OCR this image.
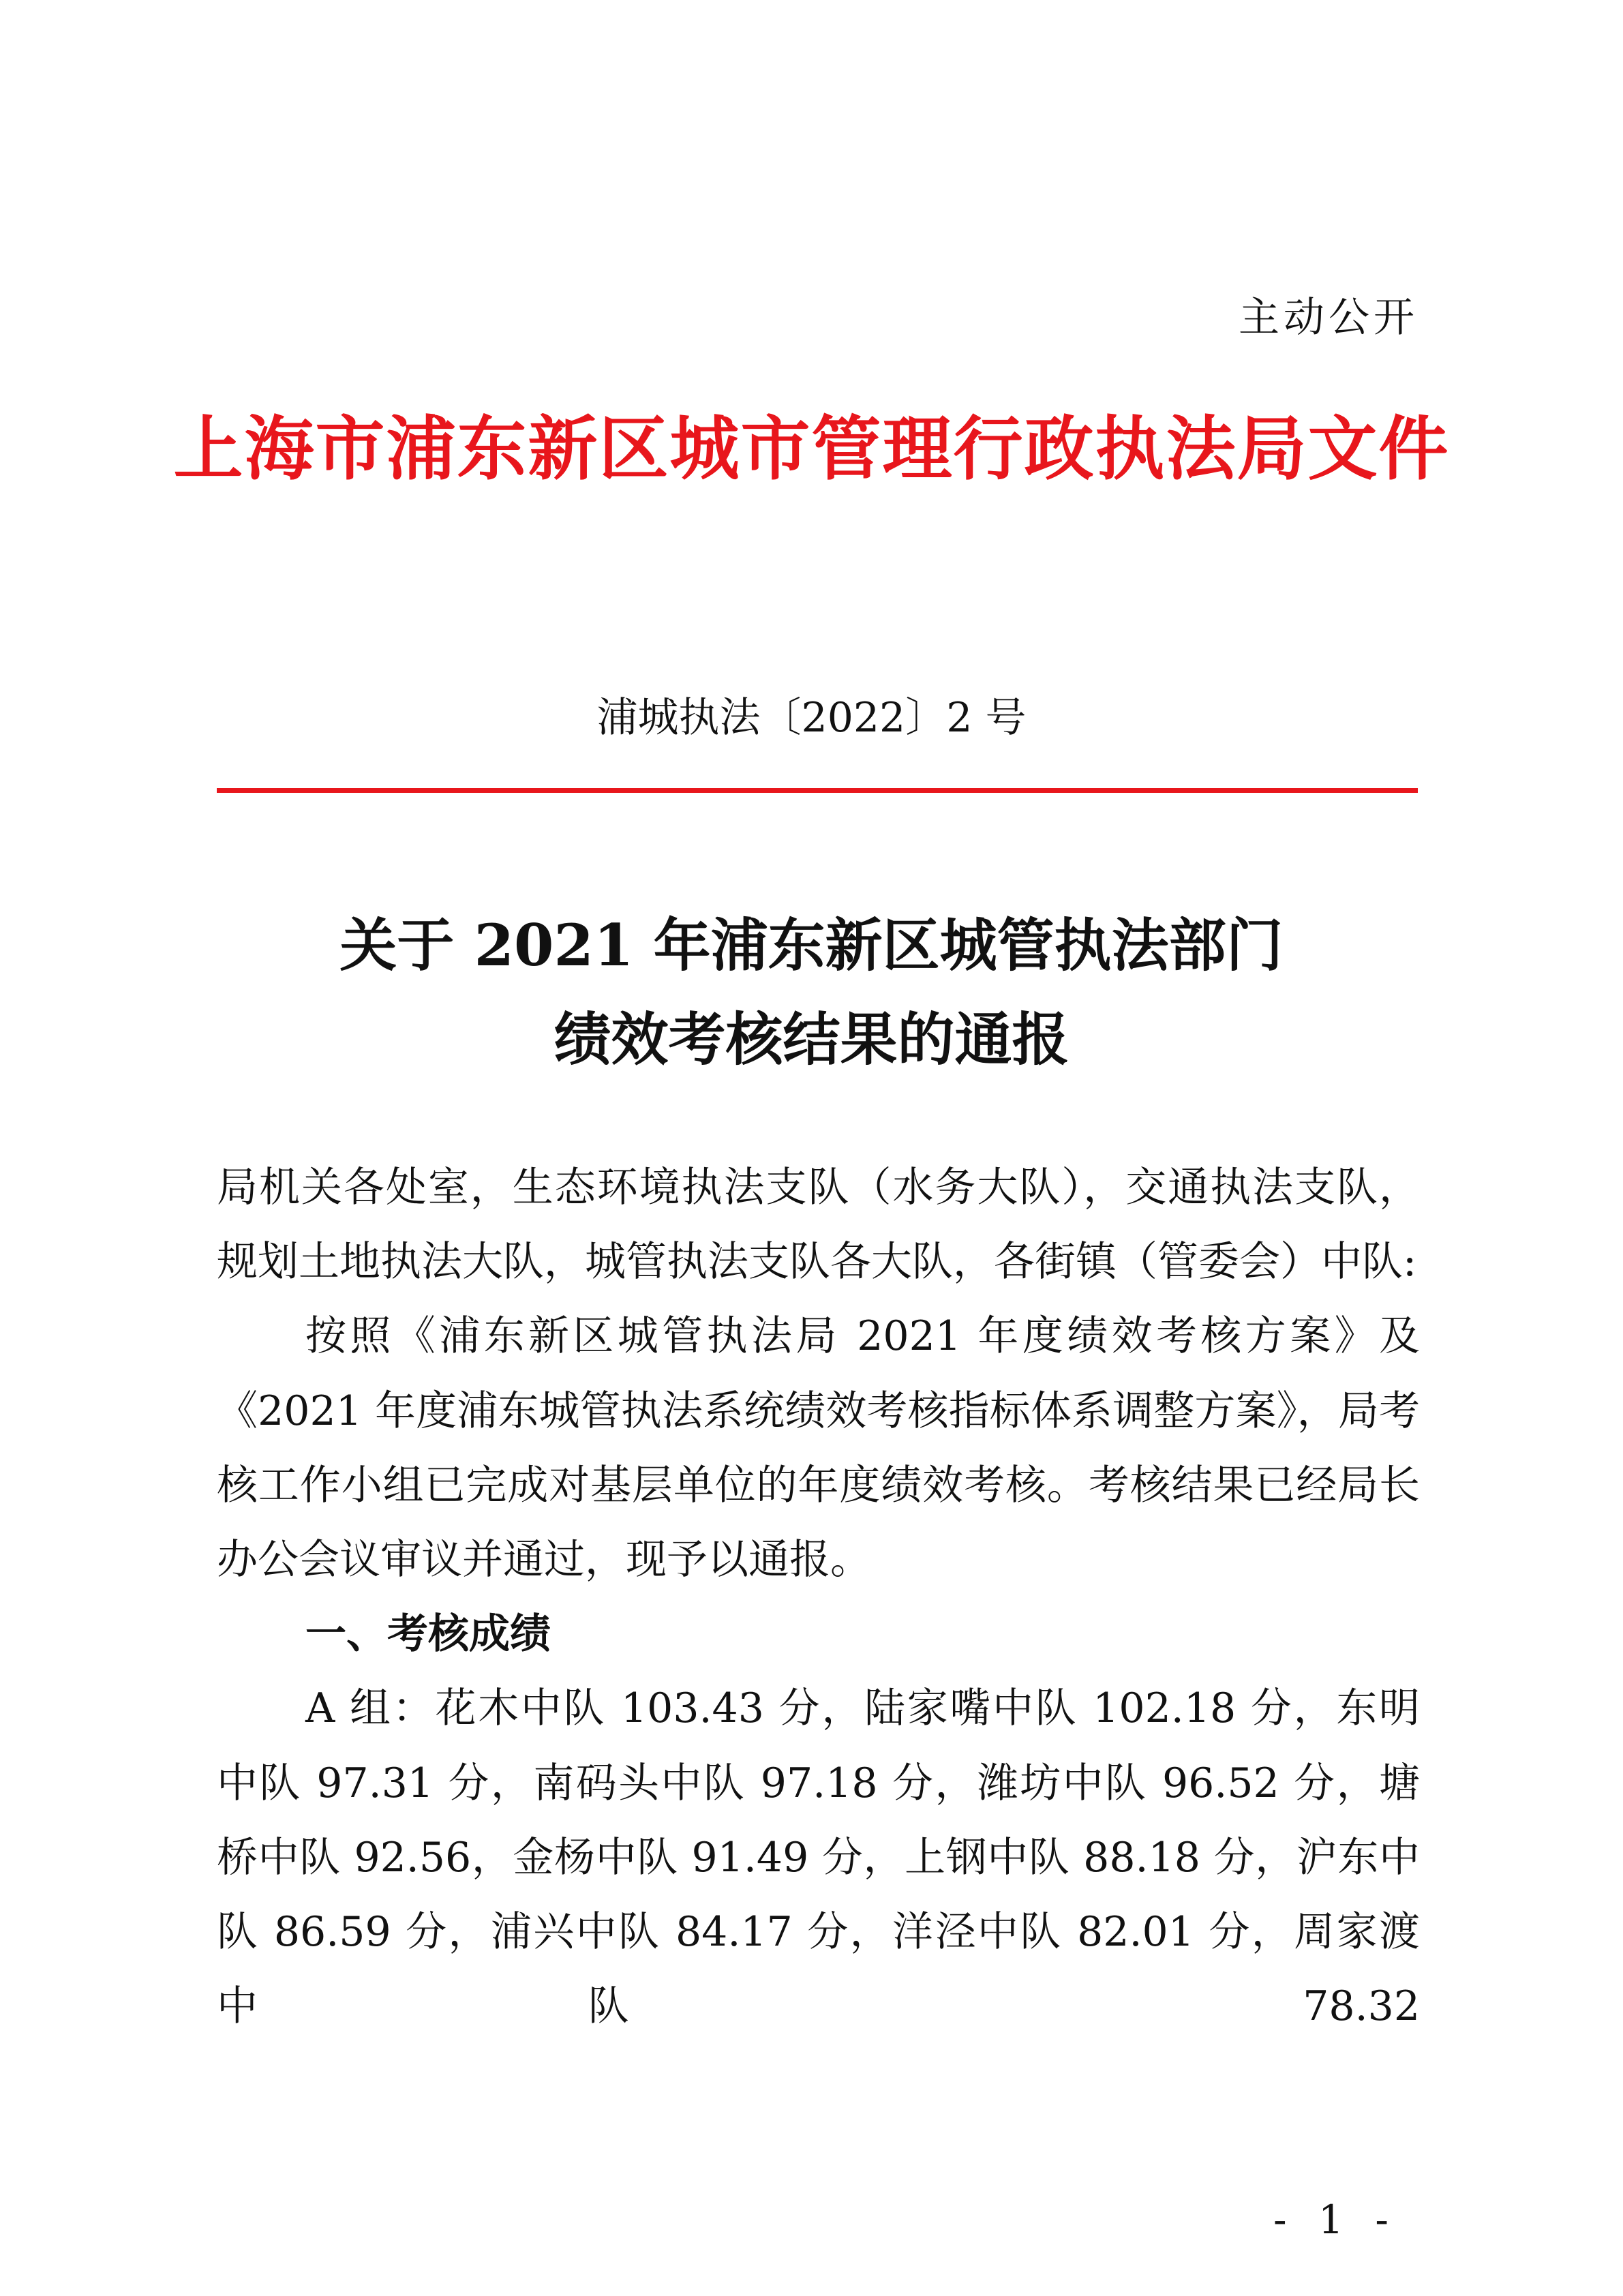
主动公开
上海市浦东新区城市管理行政执法局文件
浦城执法〔2022〕2 号
关于 2021 年浦东新区城管执法部门
绩效考核结果的通报

局机关各处室，生态环境执法支队（水务大队），交通执法支队，

规划土地执法大队，城管执法支队各大队，各街镇（管委会）中队:

按照《浦东新区城管执法局 2021 年度绩效考核方案》及《2021 年度浦东城管执法系统绩效考核指标体系调整方案》，局考核工作小组已完成对基层单位的年度绩效考核。考核结果已经局长办公会议审议并通过，现予以通报。

一、考核成绩

A 组：花木中队 103.43 分，陆家嘴中队 102.18 分，东明中队 97.31 分，南码头中队 97.18 分，潍坊中队 96.52 分，塘桥中队 92.56，金杨中队 91.49 分，上钢中队 88.18 分，沪东中队 86.59 分，浦兴中队 84.17 分，洋泾中队 82.01 分，周家渡中队 78.32

- 1 -
